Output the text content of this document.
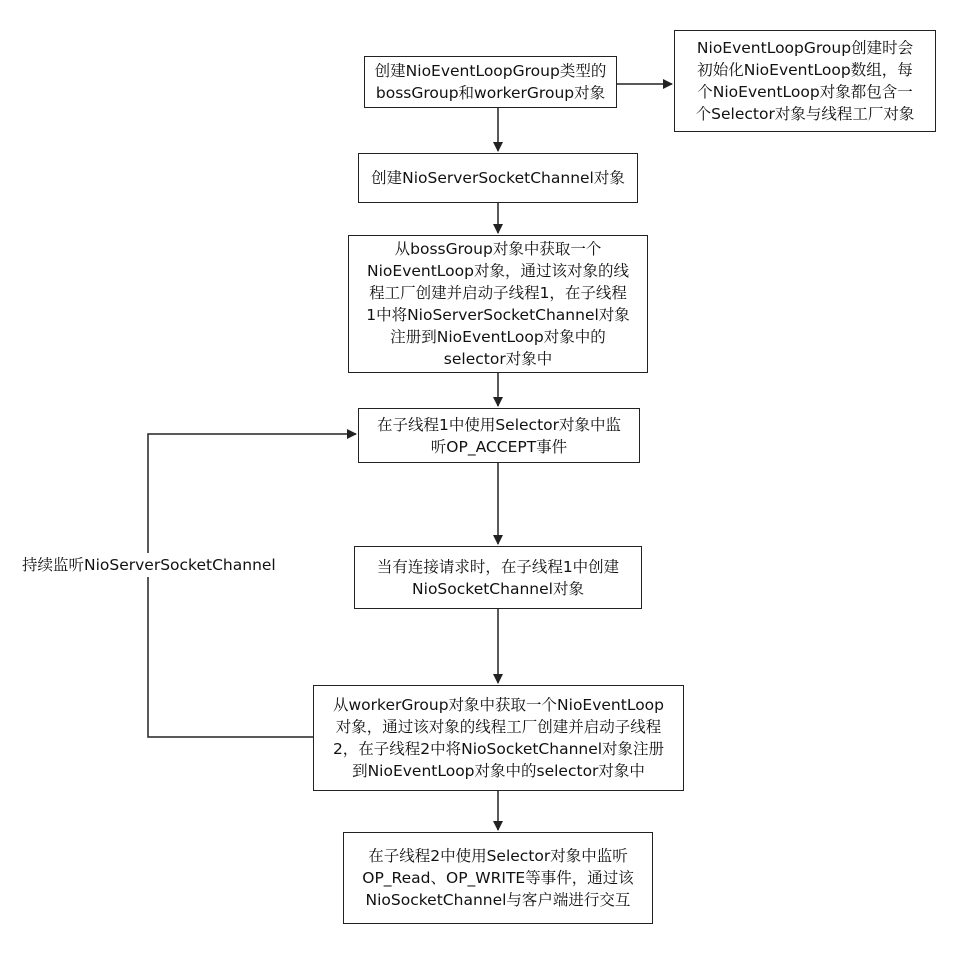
创建NioEventLoopGroup类型的
bossGroup和workerGroup对象
NioEventLoopGroup创建时会
初始化NioEventLoop数组，每
个NioEventLoop对象都包含一
个Selector对象与线程工厂对象
创建NioServerSocketChannel对象
从bossGroup对象中获取一个
NioEventLoop对象，通过该对象的线
程工厂创建并启动子线程1，在子线程
1中将NioServerSocketChannel对象
注册到NioEventLoop对象中的
selector对象中
在子线程1中使用Selector对象中监
听OP_ACCEPT事件
当有连接请求时，在子线程1中创建
NioSocketChannel对象
从workerGroup对象中获取一个NioEventLoop
对象，通过该对象的线程工厂创建并启动子线程
2，在子线程2中将NioSocketChannel对象注册
到NioEventLoop对象中的selector对象中
在子线程2中使用Selector对象中监听
OP_Read、OP_WRITE等事件，通过该
NioSocketChannel与客户端进行交互
持续监听NioServerSocketChannel
